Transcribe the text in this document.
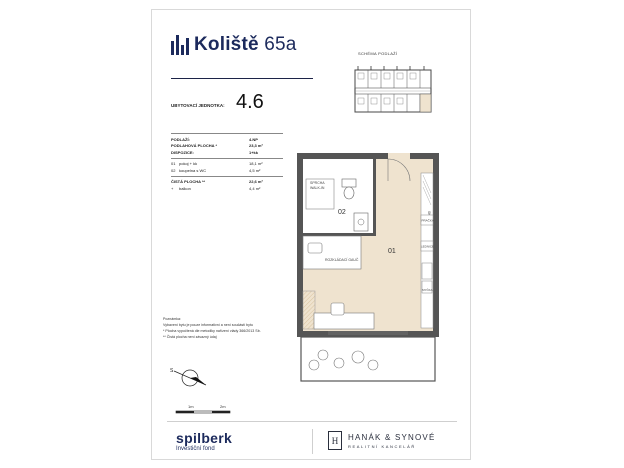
Koliště 65a	SCHÉMA PODLAŽÍ
UBYTOVACÍ JEDNOTKA: 4.6
PODLAŽÍ:	4.NP
PODLAHOVÁ PLOCHA *	23,3 m²
DISPOZICE:	1+kk
01 pokoj + kk	18,1 m²
02 koupelna s WC	4,5 m²
ČISTÁ PLOCHA **	22,6 m²
+	balkon	4,4 m²
Poznámka:
Vybavení bytu je pouze informativní a není součástí bytu
* Plocha vypočtená dle metodiky nařízení vlády 366/2013 Sb.
** Čistá plocha není závazný údaj
S
1m	2m
SPRCHA
WALK-IN
02
01
ROZKLÁDACÍ GAUČ
PRAČKA
LEDNICE
MYČKA
spilberk
Investiční fond
H	HANÁK & SYNOVÉ
REALITNÍ KANCELÁŘ
